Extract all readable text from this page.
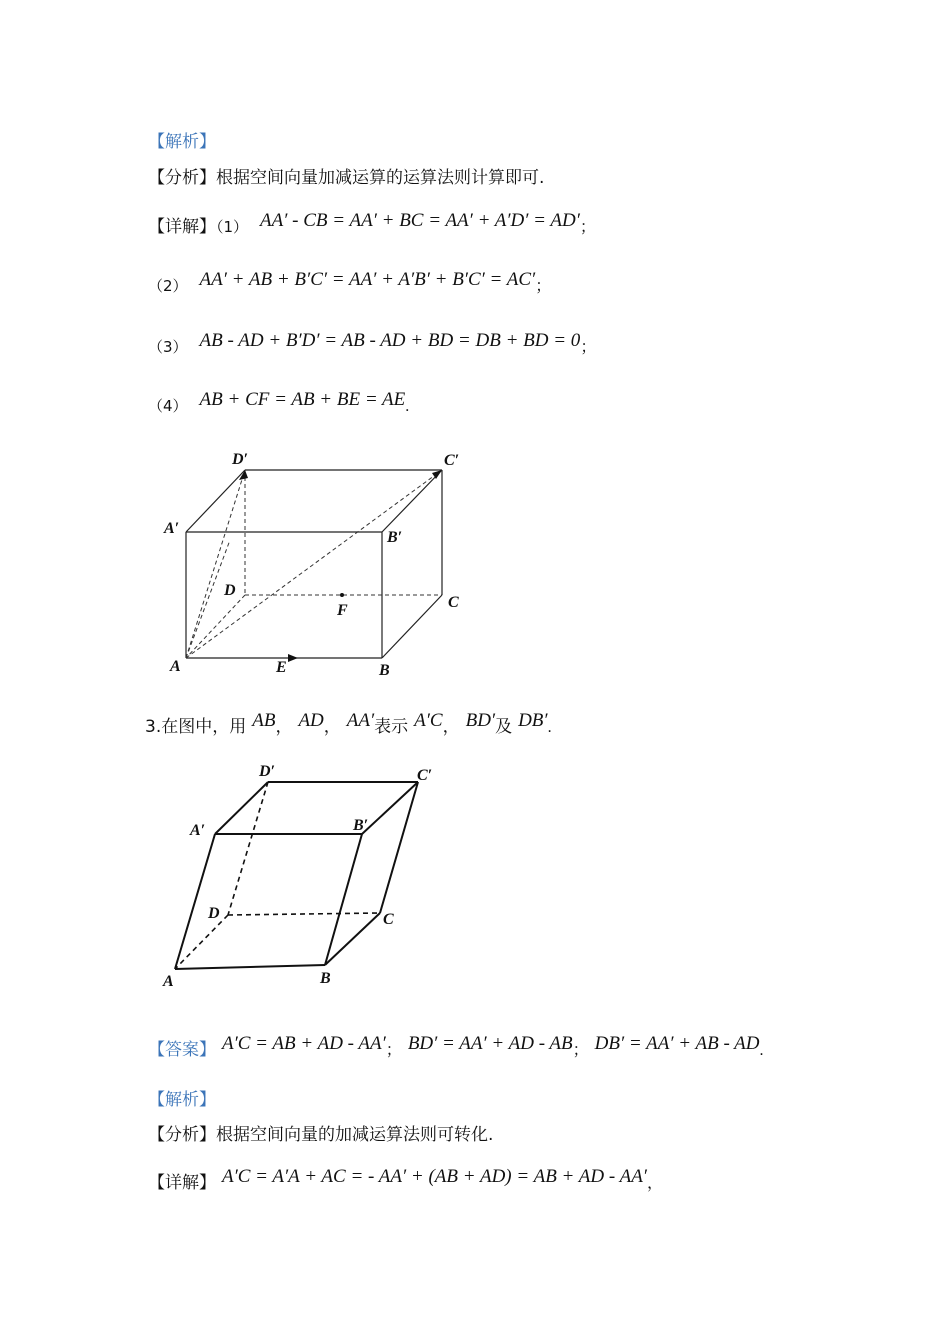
【解析】
【分析】根据空间向量加减运算的运算法则计算即可.
【详解】（1） AA′ - CB = AA′ + BC = AA′ + A′D′ = AD′；
（2） AA′ + AB + B′C′ = AA′ + A′B′ + B′C′ = AC′；
（3） AB - AD + B′D′ = AB - AD + BD = DB + BD = 0；
（4） AB + CF = AB + BE = AE.
D′	C′
A′
B′
D
C
F
A	E	B
3.在图中，用 AB， AD， AA′表示 A′C， BD′及 DB′.
D′	C′
A′	B′
D	C
A	B
【答案】 A′C = AB + AD - AA′； BD′ = AA′ + AD - AB； DB′ = AA′ + AB - AD.
【解析】
【分析】根据空间向量的加减运算法则可转化.
【详解】 A′C = A′A + AC = - AA′ + (AB + AD) = AB + AD - AA′，
